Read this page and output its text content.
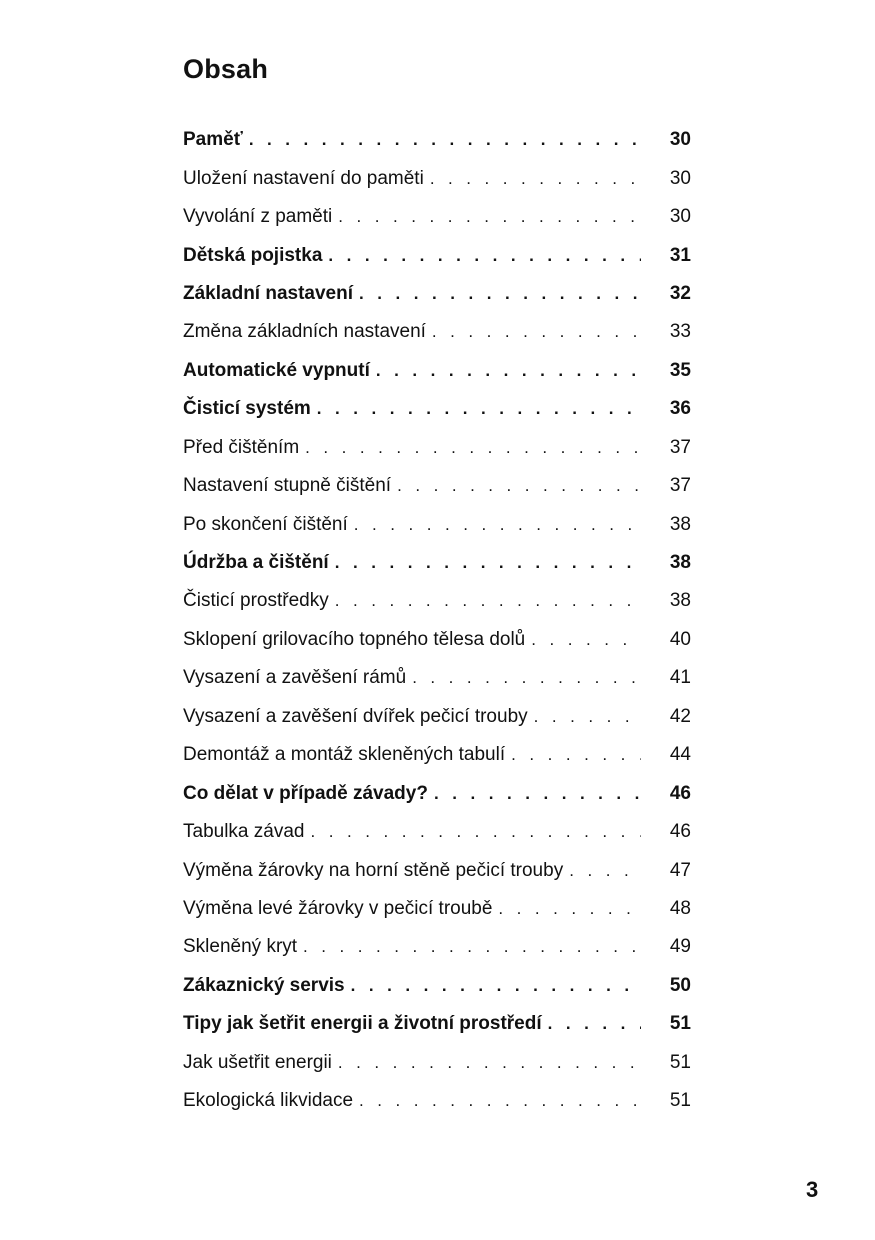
Obsah
Paměť . . .	30
Uložení nastavení do paměti . . .	30
Vyvolání z paměti . . .	30
Dětská pojistka . . .	31
Základní nastavení . . .	32
Změna základních nastavení . . .	33
Automatické vypnutí . . .	35
Čisticí systém . . .	36
Před čištěním . . .	37
Nastavení stupně čištění . . .	37
Po skončení čištění . . .	38
Údržba a čištění . . .	38
Čisticí prostředky . . .	38
Sklopení grilovacího topného tělesa dolů . . .	40
Vysazení a zavěšení rámů . . .	41
Vysazení a zavěšení dvířek pečicí trouby . . .	42
Demontáž a montáž skleněných tabulí . . .	44
Co dělat v případě závady? . . .	46
Tabulka závad . . .	46
Výměna žárovky na horní stěně pečicí trouby . . .	47
Výměna levé žárovky v pečicí troubě . . .	48
Skleněný kryt . . .	49
Zákaznický servis . . .	50
Tipy jak šetřit energii a životní prostředí . . .	51
Jak ušetřit energii . . .	51
Ekologická likvidace . . .	51
3
